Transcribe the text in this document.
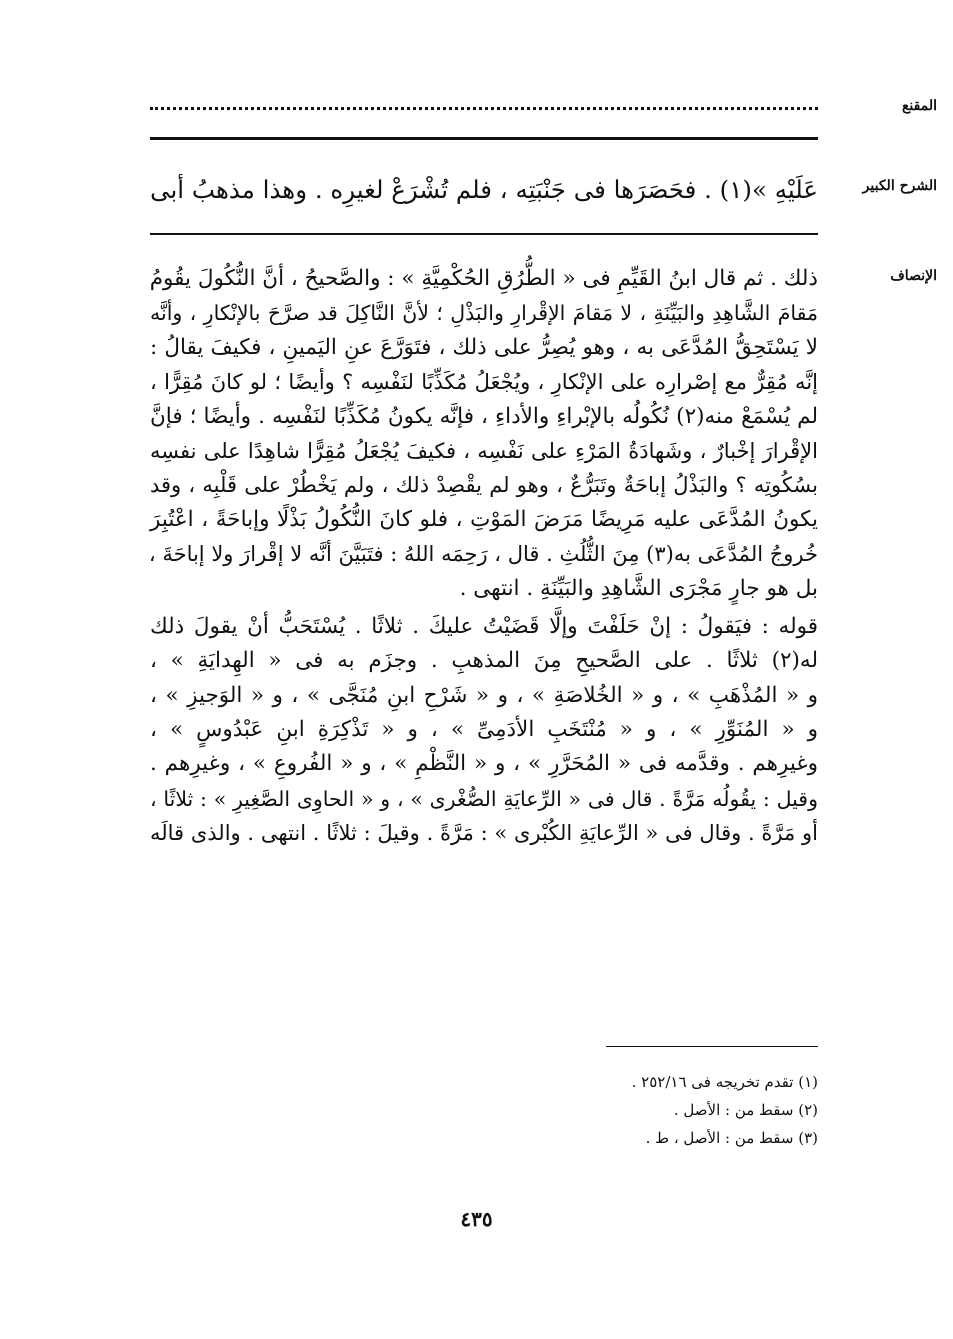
المقنع
الشرح الكبير
عَلَيْهِ »(١) . فحَصَرَها فى جَنْبَتِه ، فلم تُشْرَعْ لغيرِه . وهذا مذهبُ أبى
الإنصاف
ذلك . ثم قال ابنُ القَيِّمِ فى « الطُّرُقِ الحُكْمِيَّةِ » : والصَّحيحُ ، أنَّ النُّكُولَ يقُومُ
مَقامَ الشَّاهِدِ والبَيِّنَةِ ، لا مَقامَ الإقْرارِ والبَذْلِ ؛ لأنَّ النَّاكِلَ قد صرَّحَ بالإنْكارِ ، وأنَّه
لا يَسْتَحِقُّ المُدَّعَى به ، وهو يُصِرُّ على ذلك ، فتَوَرَّعَ عنِ اليَمينِ ، فكيفَ يقالُ :
إنَّه مُقِرٌّ مع إصْرارِه على الإنْكارِ ، ويُجْعَلُ مُكَذِّبًا لنَفْسِه ؟ وأيضًا ؛ لو كانَ مُقِرًّا ،
لم يُسْمَعْ منه(٢) نُكُولُه بالإبْراءِ والأداءِ ، فإنَّه يكونُ مُكَذِّبًا لنَفْسِه . وأيضًا ؛ فإنَّ
الإقْرارَ إخْبارٌ ، وشَهادَةُ المَرْءِ على نَفْسِه ، فكيفَ يُجْعَلُ مُقِرًّا شاهِدًا على نفسِه
بسُكُوتِه ؟ والبَذْلُ إباحَةٌ وتَبَرُّعٌ ، وهو لم يقْصِدْ ذلك ، ولم يَخْطُرْ على قَلْبِه ، وقد
يكونُ المُدَّعَى عليه مَرِيضًا مَرَضَ المَوْتِ ، فلو كانَ النُّكُولُ بَذْلًا وإباحَةً ، اعْتُبِرَ
خُروجُ المُدَّعَى به(٣) مِنَ الثُّلُثِ . قال ، رَحِمَه اللهُ : فتَبَيَّنَ أنَّه لا إقْرارَ ولا إباحَةَ ،
بل هو جارٍ مَجْرَى الشَّاهِدِ والبَيِّنَةِ . انتهى .
قوله : فيَقولُ : إنْ حَلَفْتَ وإلَّا قَضَيْتُ عليكَ . ثلاثًا . يُسْتَحَبُّ أنْ يقولَ ذلك
له(٢) ثلاثًا . على الصَّحيحِ مِنَ المذهبِ . وجزَم به فى « الهِدايَةِ » ،
و « المُذْهَبِ » ، و « الخُلاصَةِ » ، و « شَرْحِ ابنِ مُنَجَّى » ، و « الوَجيزِ » ،
و « المُنَوِّرِ » ، و « مُنْتَخَبِ الأدَمِىِّ » ، و « تَذْكِرَةِ ابنِ عَبْدُوسٍ » ،
وغيرِهم . وقدَّمه فى « المُحَرَّرِ » ، و « النَّظْمِ » ، و « الفُروعِ » ، وغيرِهم .
وقيل : يقُولُه مَرَّةً . قال فى « الرِّعايَةِ الصُّغْرى » ، و « الحاوِى الصَّغِيرِ » : ثلاثًا ،
أو مَرَّةً . وقال فى « الرِّعايَةِ الكُبْرى » : مَرَّةً . وقيلَ : ثلاثًا . انتهى . والذى قالَه
(١) تقدم تخريجه فى ٢٥٢/١٦ .
(٢) سقط من : الأصل .
(٣) سقط من : الأصل ، ط .
٤٣٥
